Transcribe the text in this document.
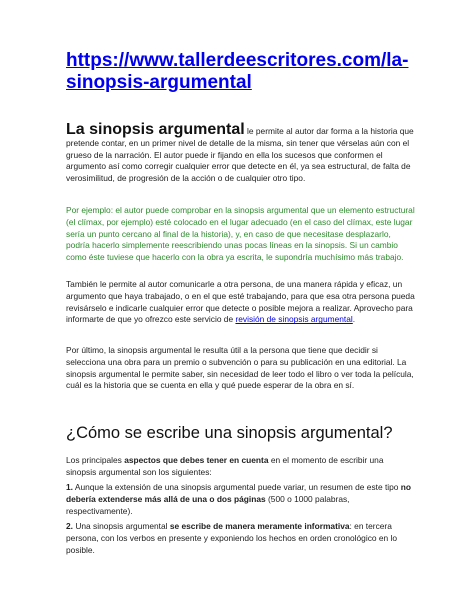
https://www.tallerdeescritores.com/la-
sinopsis-argumental

La sinopsis argumental le permite al autor dar forma a la historia que pretende contar, en un primer nivel de detalle de la misma, sin tener que vérselas aún con el grueso de la narración. El autor puede ir fijando en ella los sucesos que conformen el argumento así como corregir cualquier error que detecte en él, ya sea estructural, de falta de verosimilitud, de progresión de la acción o de cualquier otro tipo.

Por ejemplo: el autor puede comprobar en la sinopsis argumental que un elemento estructural (el clímax, por ejemplo) esté colocado en el lugar adecuado (en el caso del clímax, este lugar sería un punto cercano al final de la historia), y, en caso de que necesitase desplazarlo, podría hacerlo simplemente reescribiendo unas pocas líneas en la sinopsis. Si un cambio como éste tuviese que hacerlo con la obra ya escrita, le supondría muchísimo más trabajo.

También le permite al autor comunicarle a otra persona, de una manera rápida y eficaz, un argumento que haya trabajado, o en el que esté trabajando, para que esa otra persona pueda revisárselo e indicarle cualquier error que detecte o posible mejora a realizar. Aprovecho para informarte de que yo ofrezco este servicio de revisión de sinopsis argumental.

Por último, la sinopsis argumental le resulta útil a la persona que tiene que decidir si selecciona una obra para un premio o subvención o para su publicación en una editorial. La sinopsis argumental le permite saber, sin necesidad de leer todo el libro o ver toda la película, cuál es la historia que se cuenta en ella y qué puede esperar de la obra en sí.

¿Cómo se escribe una sinopsis argumental?

Los principales aspectos que debes tener en cuenta en el momento de escribir una sinopsis argumental son los siguientes:

1. Aunque la extensión de una sinopsis argumental puede variar, un resumen de este tipo no debería extenderse más allá de una o dos páginas (500 o 1000 palabras, respectivamente).

2. Una sinopsis argumental se escribe de manera meramente informativa: en tercera persona, con los verbos en presente y exponiendo los hechos en orden cronológico en lo posible.
